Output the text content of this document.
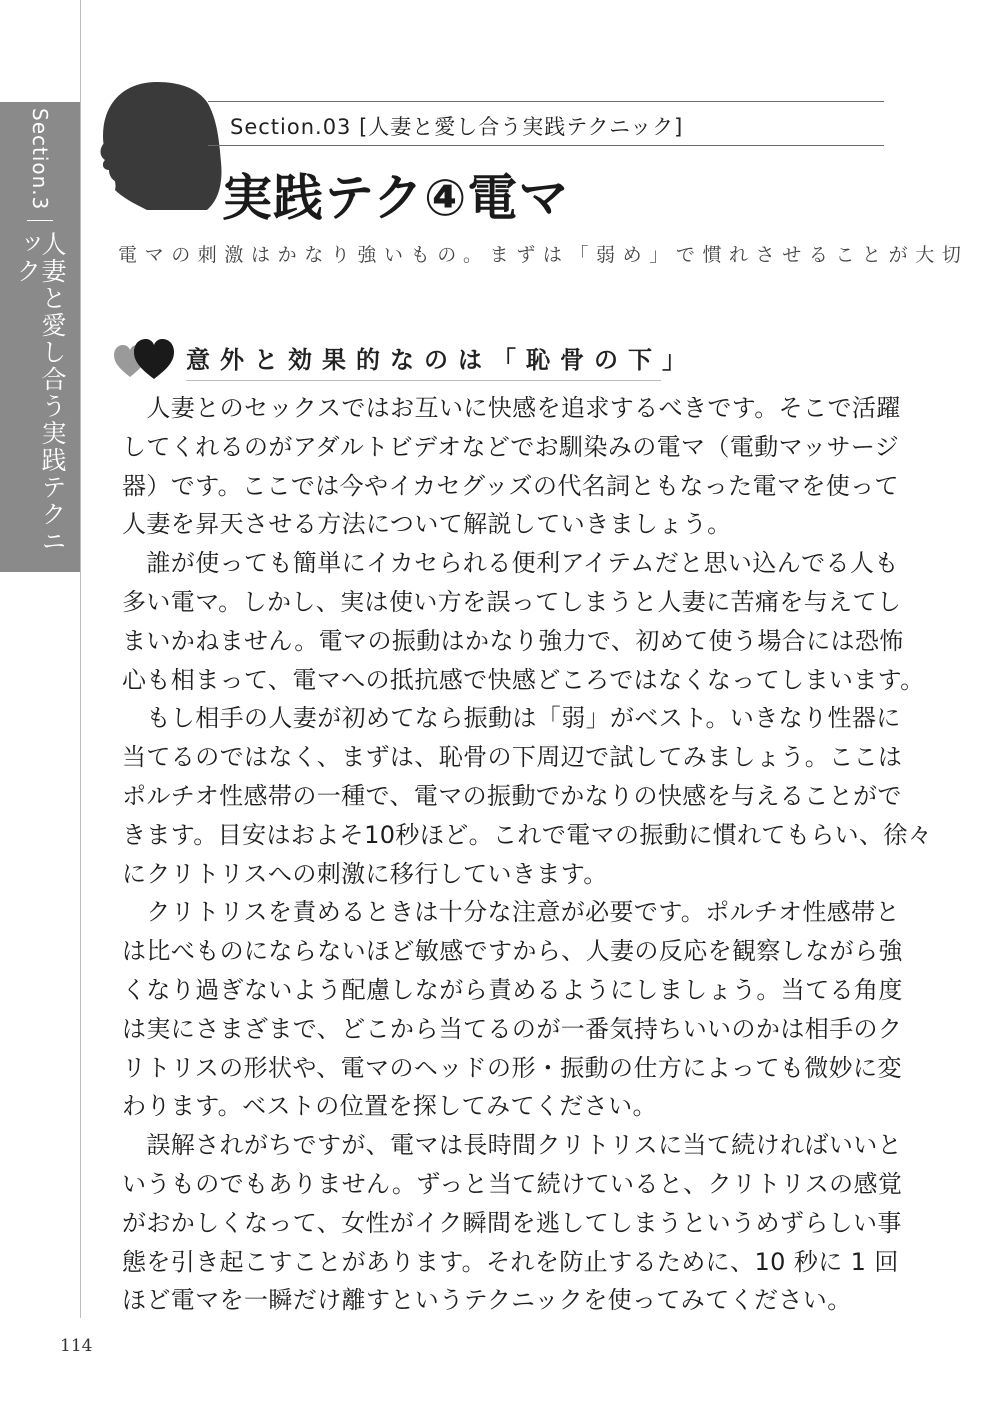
Section.3
人妻と愛し合う実践テクニック
Section.03 [人妻と愛し合う実践テクニック]
実践テク④電マ
電マの刺激はかなり強いもの。まずは「弱め」で慣れさせることが大切
意外と効果的なのは「恥骨の下」
　人妻とのセックスではお互いに快感を追求するべきです。そこで活躍
してくれるのがアダルトビデオなどでお馴染みの電マ（電動マッサージ
器）です。ここでは今やイカセグッズの代名詞ともなった電マを使って
人妻を昇天させる方法について解説していきましょう。
　誰が使っても簡単にイカセられる便利アイテムだと思い込んでる人も
多い電マ。しかし、実は使い方を誤ってしまうと人妻に苦痛を与えてし
まいかねません。電マの振動はかなり強力で、初めて使う場合には恐怖
心も相まって、電マへの抵抗感で快感どころではなくなってしまいます。
　もし相手の人妻が初めてなら振動は「弱」がベスト。いきなり性器に
当てるのではなく、まずは、恥骨の下周辺で試してみましょう。ここは
ポルチオ性感帯の一種で、電マの振動でかなりの快感を与えることがで
きます。目安はおよそ10秒ほど。これで電マの振動に慣れてもらい、徐々
にクリトリスへの刺激に移行していきます。
　クリトリスを責めるときは十分な注意が必要です。ポルチオ性感帯と
は比べものにならないほど敏感ですから、人妻の反応を観察しながら強
くなり過ぎないよう配慮しながら責めるようにしましょう。当てる角度
は実にさまざまで、どこから当てるのが一番気持ちいいのかは相手のク
リトリスの形状や、電マのヘッドの形・振動の仕方によっても微妙に変
わります。ベストの位置を探してみてください。
　誤解されがちですが、電マは長時間クリトリスに当て続ければいいと
いうものでもありません。ずっと当て続けていると、クリトリスの感覚
がおかしくなって、女性がイク瞬間を逃してしまうというめずらしい事
態を引き起こすことがあります。それを防止するために、10 秒に 1 回
ほど電マを一瞬だけ離すというテクニックを使ってみてください。
114
